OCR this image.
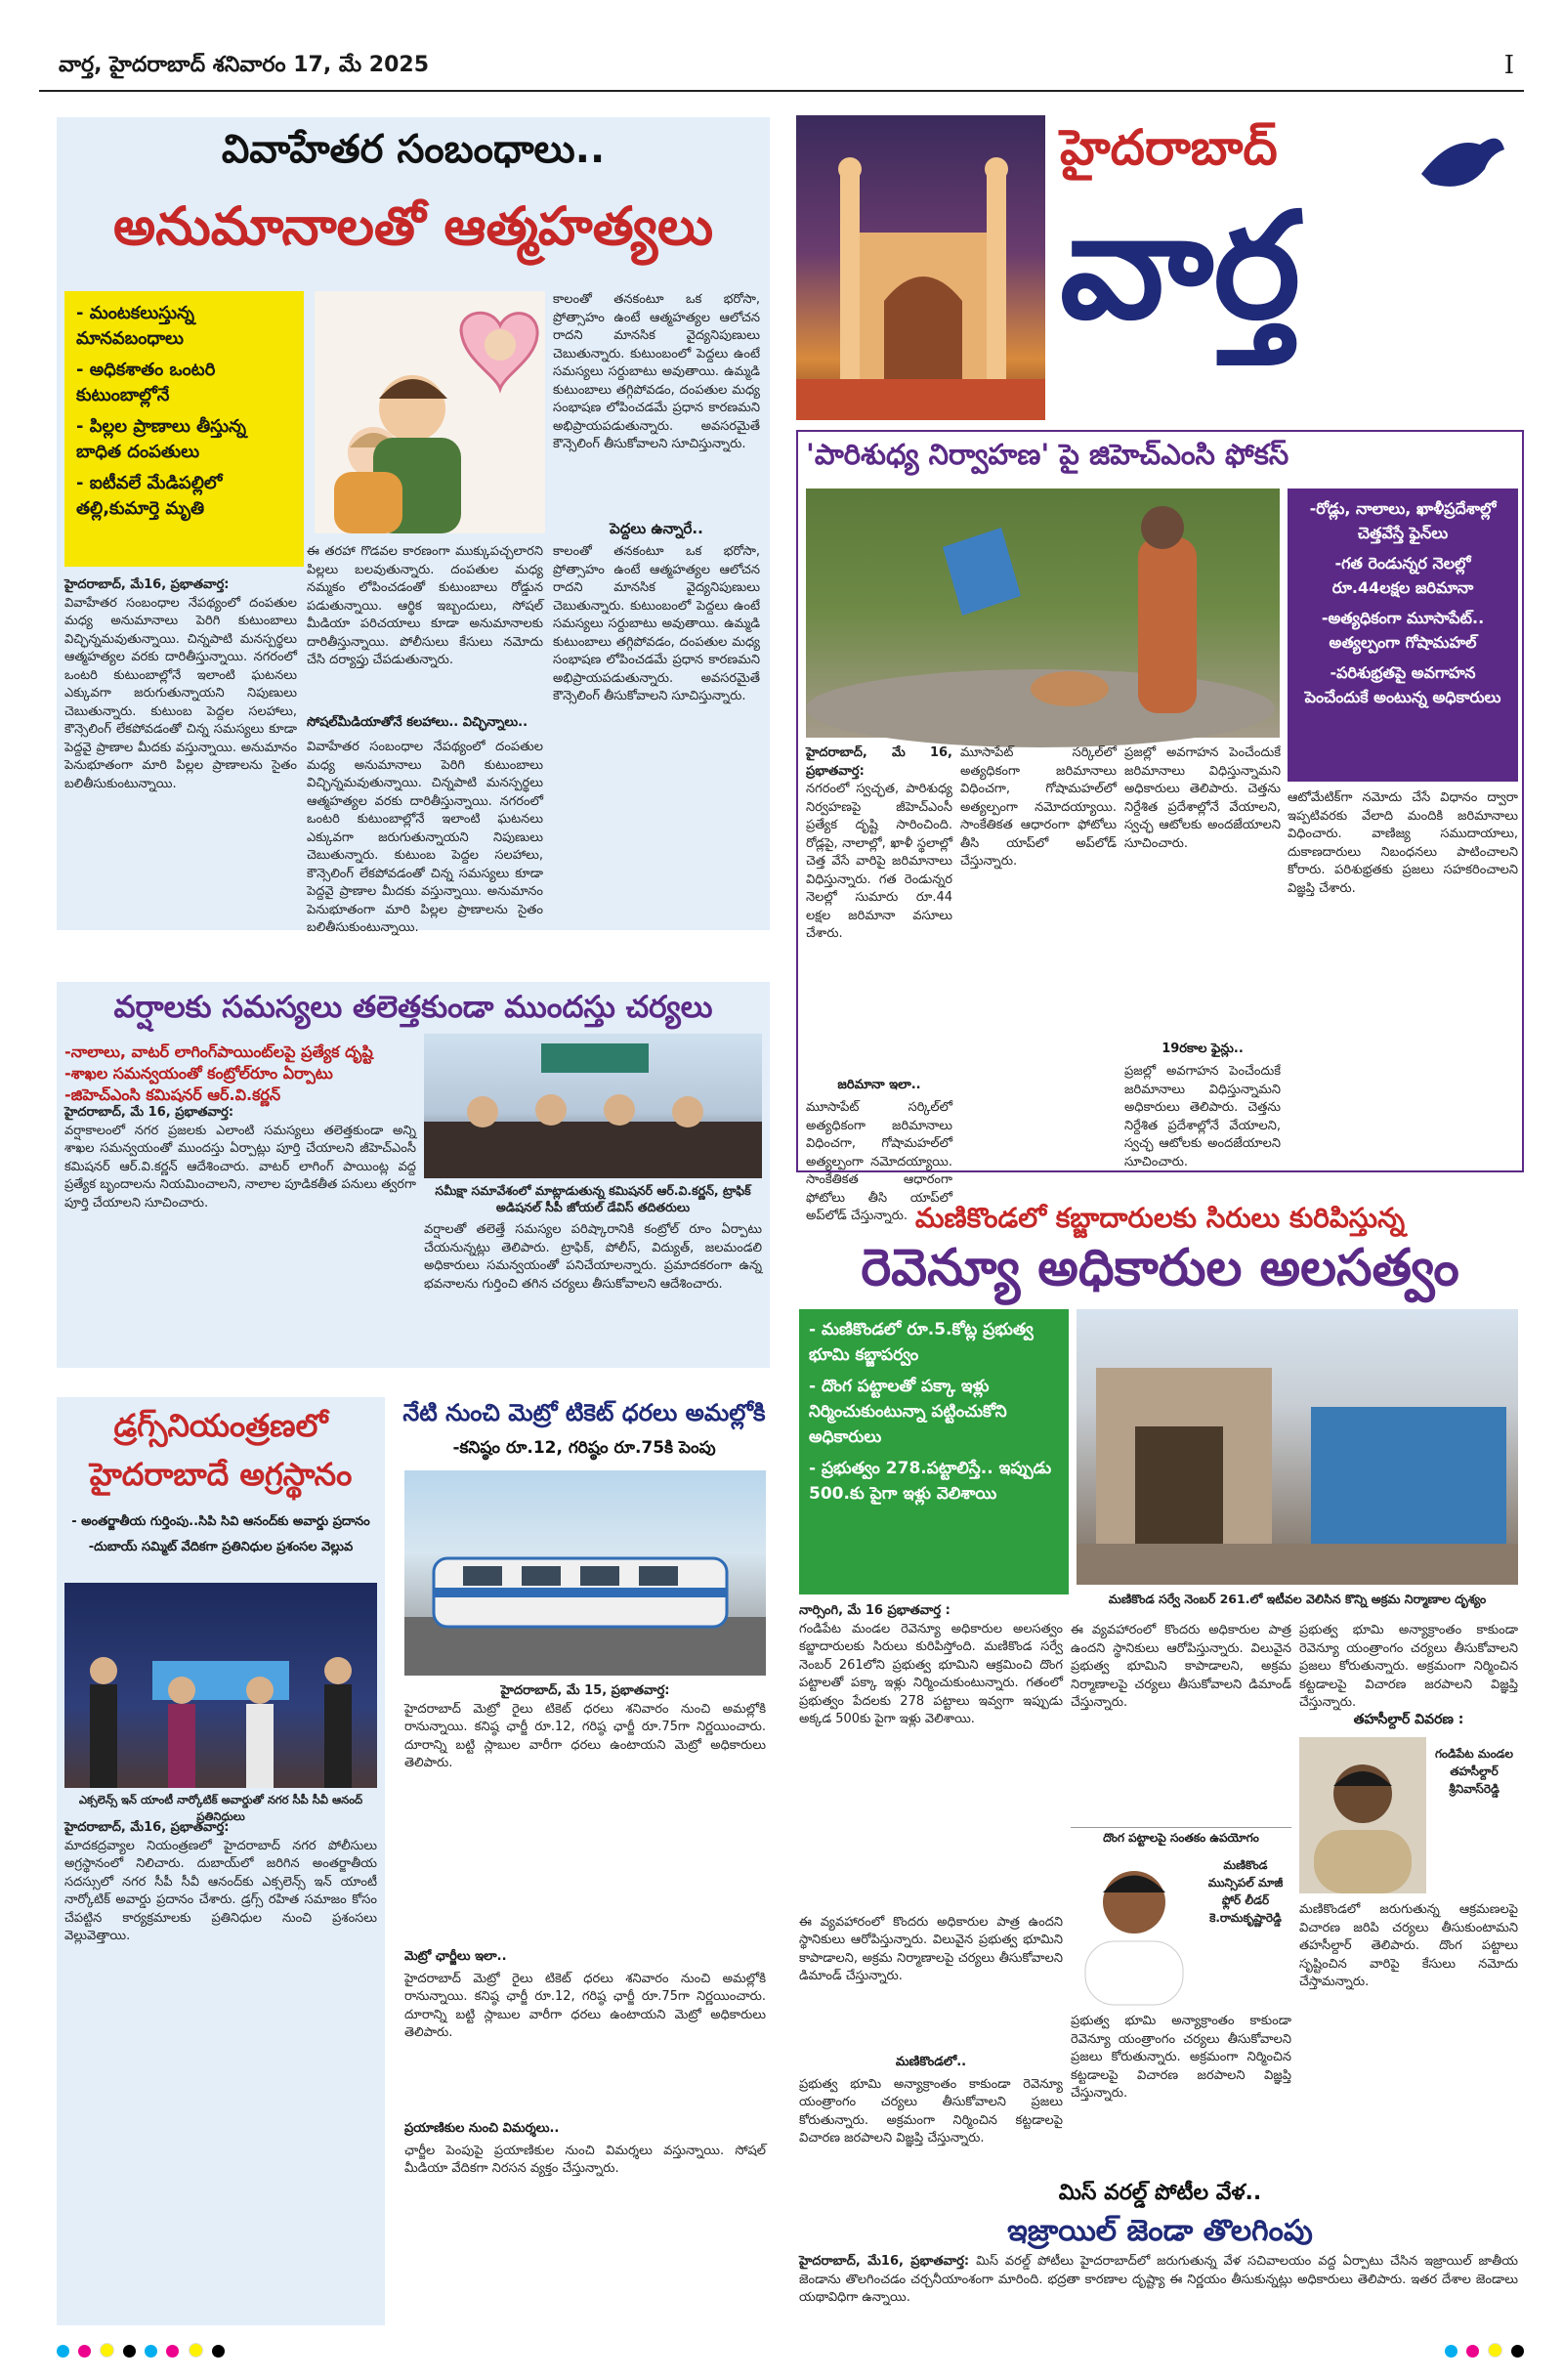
వార్త, హైదరాబాద్ శనివారం 17, మే 2025	I
వివాహేతర సంబంధాలు..
అనుమానాలతో ఆత్మహత్యలు
- మంటకలుస్తున్న మానవబంధాలు
- అధికశాతం ఒంటరి కుటుంబాల్లోనే
- పిల్లల ప్రాణాలు తీస్తున్న బాధిత దంపతులు
- ఐటీవలే మేడిపల్లిలో తల్లి,కుమార్తె మృతి
కాలంతో తనకంటూ ఒక భరోసా, ప్రోత్సాహం ఉంటే ఆత్మహత్యల ఆలోచన రాదని మానసిక వైద్యనిపుణులు చెబుతున్నారు. కుటుంబంలో పెద్దలు ఉంటే సమస్యలు సర్దుబాటు అవుతాయి. ఉమ్మడి కుటుంబాలు తగ్గిపోవడం, దంపతుల మధ్య సంభాషణ లోపించడమే ప్రధాన కారణమని అభిప్రాయపడుతున్నారు. అవసరమైతే కౌన్సెలింగ్ తీసుకోవాలని సూచిస్తున్నారు.
పెద్దలు ఉన్నారే..
హైదరాబాద్, మే16, ప్రభాతవార్త:
వివాహేతర సంబంధాల నేపథ్యంలో దంపతుల మధ్య అనుమానాలు పెరిగి కుటుంబాలు విచ్ఛిన్నమవుతున్నాయి. చిన్నపాటి మనస్పర్థలు ఆత్మహత్యల వరకు దారితీస్తున్నాయి. నగరంలో ఒంటరి కుటుంబాల్లోనే ఇలాంటి ఘటనలు ఎక్కువగా జరుగుతున్నాయని నిపుణులు చెబుతున్నారు. కుటుంబ పెద్దల సలహాలు, కౌన్సెలింగ్ లేకపోవడంతో చిన్న సమస్యలు కూడా పెద్దవై ప్రాణాల మీదకు వస్తున్నాయి. అనుమానం పెనుభూతంగా మారి పిల్లల ప్రాణాలను సైతం బలితీసుకుంటున్నాయి.
ఈ తరహా గొడవల కారణంగా ముక్కుపచ్చలారని పిల్లలు బలవుతున్నారు. దంపతుల మధ్య నమ్మకం లోపించడంతో కుటుంబాలు రోడ్డున పడుతున్నాయి. ఆర్థిక ఇబ్బందులు, సోషల్ మీడియా పరిచయాలు కూడా అనుమానాలకు దారితీస్తున్నాయి. పోలీసులు కేసులు నమోదు చేసి దర్యాప్తు చేపడుతున్నారు.
సోషల్‌మీడియాతోనే కలహాలు.. విచ్ఛిన్నాలు..
వివాహేతర సంబంధాల నేపథ్యంలో దంపతుల మధ్య అనుమానాలు పెరిగి కుటుంబాలు విచ్ఛిన్నమవుతున్నాయి. చిన్నపాటి మనస్పర్థలు ఆత్మహత్యల వరకు దారితీస్తున్నాయి. నగరంలో ఒంటరి కుటుంబాల్లోనే ఇలాంటి ఘటనలు ఎక్కువగా జరుగుతున్నాయని నిపుణులు చెబుతున్నారు. కుటుంబ పెద్దల సలహాలు, కౌన్సెలింగ్ లేకపోవడంతో చిన్న సమస్యలు కూడా పెద్దవై ప్రాణాల మీదకు వస్తున్నాయి. అనుమానం పెనుభూతంగా మారి పిల్లల ప్రాణాలను సైతం బలితీసుకుంటున్నాయి.
కాలంతో తనకంటూ ఒక భరోసా, ప్రోత్సాహం ఉంటే ఆత్మహత్యల ఆలోచన రాదని మానసిక వైద్యనిపుణులు చెబుతున్నారు. కుటుంబంలో పెద్దలు ఉంటే సమస్యలు సర్దుబాటు అవుతాయి. ఉమ్మడి కుటుంబాలు తగ్గిపోవడం, దంపతుల మధ్య సంభాషణ లోపించడమే ప్రధాన కారణమని అభిప్రాయపడుతున్నారు. అవసరమైతే కౌన్సెలింగ్ తీసుకోవాలని సూచిస్తున్నారు.
హైదరాబాద్
వార్త
'పారిశుధ్య నిర్వాహణ' పై జిహెచ్ఎంసి ఫోకస్
-రోడ్లు, నాలాలు, ఖాళీప్రదేశాల్లో చెత్తవేస్తే ఫైన్‌లు
-గత రెండున్నర నెలల్లో రూ.44లక్షల జరిమానా
-అత్యధికంగా మూసాపేట్..
అత్యల్పంగా గోషామహల్
-పరిశుభ్రతపై అవగాహన పెంచేందుకే అంటున్న అధికారులు
హైదరాబాద్, మే 16, ప్రభాతవార్త:
నగరంలో స్వచ్ఛత, పారిశుధ్య నిర్వహణపై జీహెచ్ఎంసీ ప్రత్యేక దృష్టి సారించింది. రోడ్లపై, నాలాల్లో, ఖాళీ స్థలాల్లో చెత్త వేసే వారిపై జరిమానాలు విధిస్తున్నారు. గత రెండున్నర నెలల్లో సుమారు రూ.44 లక్షల జరిమానా వసూలు చేశారు.
జరిమానా ఇలా..
మూసాపేట్ సర్కిల్‌లో అత్యధికంగా జరిమానాలు విధించగా, గోషామహల్‌లో అత్యల్పంగా నమోదయ్యాయి. సాంకేతికత ఆధారంగా ఫోటోలు తీసి యాప్‌లో అప్‌లోడ్ చేస్తున్నారు.
మూసాపేట్ సర్కిల్‌లో అత్యధికంగా జరిమానాలు విధించగా, గోషామహల్‌లో అత్యల్పంగా నమోదయ్యాయి. సాంకేతికత ఆధారంగా ఫోటోలు తీసి యాప్‌లో అప్‌లోడ్ చేస్తున్నారు.
ప్రజల్లో అవగాహన పెంచేందుకే జరిమానాలు విధిస్తున్నామని అధికారులు తెలిపారు. చెత్తను నిర్దేశిత ప్రదేశాల్లోనే వేయాలని, స్వచ్ఛ ఆటోలకు అందజేయాలని సూచించారు.
19రకాల ఫైన్లు..
ప్రజల్లో అవగాహన పెంచేందుకే జరిమానాలు విధిస్తున్నామని అధికారులు తెలిపారు. చెత్తను నిర్దేశిత ప్రదేశాల్లోనే వేయాలని, స్వచ్ఛ ఆటోలకు అందజేయాలని సూచించారు.
ఆటోమేటిక్‌గా నమోదు చేసే విధానం ద్వారా ఇప్పటివరకు వేలాది మందికి జరిమానాలు విధించారు. వాణిజ్య సముదాయాలు, దుకాణదారులు నిబంధనలు పాటించాలని కోరారు. పరిశుభ్రతకు ప్రజలు సహకరించాలని విజ్ఞప్తి చేశారు.
వర్షాలకు సమస్యలు తలెత్తకుండా ముందస్తు చర్యలు
-నాలాలు, వాటర్ లాగింగ్‌పాయింట్‌లపై ప్రత్యేక దృష్టి
-శాఖల సమన్వయంతో కంట్రోల్‌రూం ఏర్పాటు
-జిహెచ్ఎంసి కమిషనర్ ఆర్.వి.కర్ణన్
సమీక్షా సమావేశంలో మాట్లాడుతున్న కమిషనర్ ఆర్.వి.కర్ణన్, ట్రాఫిక్ అడిషనల్ సీపీ జోయల్ డేవిస్ తదితరులు
హైదరాబాద్, మే 16, ప్రభాతవార్త:
వర్షాకాలంలో నగర ప్రజలకు ఎలాంటి సమస్యలు తలెత్తకుండా అన్ని శాఖల సమన్వయంతో ముందస్తు ఏర్పాట్లు పూర్తి చేయాలని జీహెచ్ఎంసీ కమిషనర్ ఆర్.వి.కర్ణన్ ఆదేశించారు. వాటర్ లాగింగ్ పాయింట్ల వద్ద ప్రత్యేక బృందాలను నియమించాలని, నాలాల పూడికతీత పనులు త్వరగా పూర్తి చేయాలని సూచించారు.
వర్షాలతో తలెత్తే సమస్యల పరిష్కారానికి కంట్రోల్ రూం ఏర్పాటు చేయనున్నట్లు తెలిపారు. ట్రాఫిక్, పోలీస్, విద్యుత్, జలమండలి అధికారులు సమన్వయంతో పనిచేయాలన్నారు. ప్రమాదకరంగా ఉన్న భవనాలను గుర్తించి తగిన చర్యలు తీసుకోవాలని ఆదేశించారు.
మణికొండలో కబ్జాదారులకు సిరులు కురిపిస్తున్న
రెవెన్యూ అధికారుల అలసత్వం
- మణికొండలో రూ.5.కోట్ల ప్రభుత్వ భూమి కబ్జాపర్వం
- దొంగ పట్టాలతో పక్కా ఇళ్లు నిర్మించుకుంటున్నా పట్టించుకోని అధికారులు
- ప్రభుత్వం 278.పట్టాలిస్తే.. ఇప్పుడు 500.కు పైగా ఇళ్లు వెలిశాయి
మణికొండ సర్వే నెంబర్ 261.లో ఇటీవల వెలిసిన కొన్ని అక్రమ నిర్మాణాల దృశ్యం
నార్సింగి, మే 16 ప్రభాతవార్త :
గండిపేట మండల రెవెన్యూ అధికారుల అలసత్వం కబ్జాదారులకు సిరులు కురిపిస్తోంది. మణికొండ సర్వే నెంబర్ 261లోని ప్రభుత్వ భూమిని ఆక్రమించి దొంగ పట్టాలతో పక్కా ఇళ్లు నిర్మించుకుంటున్నారు. గతంలో ప్రభుత్వం పేదలకు 278 పట్టాలు ఇవ్వగా ఇప్పుడు అక్కడ 500కు పైగా ఇళ్లు వెలిశాయి.
ఈ వ్యవహారంలో కొందరు అధికారుల పాత్ర ఉందని స్థానికులు ఆరోపిస్తున్నారు. విలువైన ప్రభుత్వ భూమిని కాపాడాలని, అక్రమ నిర్మాణాలపై చర్యలు తీసుకోవాలని డిమాండ్ చేస్తున్నారు.
మణికొండలో..
ప్రభుత్వ భూమి అన్యాక్రాంతం కాకుండా రెవెన్యూ యంత్రాంగం చర్యలు తీసుకోవాలని ప్రజలు కోరుతున్నారు. అక్రమంగా నిర్మించిన కట్టడాలపై విచారణ జరపాలని విజ్ఞప్తి చేస్తున్నారు.
ఈ వ్యవహారంలో కొందరు అధికారుల పాత్ర ఉందని స్థానికులు ఆరోపిస్తున్నారు. విలువైన ప్రభుత్వ భూమిని కాపాడాలని, అక్రమ నిర్మాణాలపై చర్యలు తీసుకోవాలని డిమాండ్ చేస్తున్నారు.
దొంగ పట్టాలపై సంతకం ఉపయోగం
మణికొండ మున్సిపల్ మాజీ ఫ్లోర్ లీడర్ కె.రామకృష్ణారెడ్డి
ప్రభుత్వ భూమి అన్యాక్రాంతం కాకుండా రెవెన్యూ యంత్రాంగం చర్యలు తీసుకోవాలని ప్రజలు కోరుతున్నారు. అక్రమంగా నిర్మించిన కట్టడాలపై విచారణ జరపాలని విజ్ఞప్తి చేస్తున్నారు.
ప్రభుత్వ భూమి అన్యాక్రాంతం కాకుండా రెవెన్యూ యంత్రాంగం చర్యలు తీసుకోవాలని ప్రజలు కోరుతున్నారు. అక్రమంగా నిర్మించిన కట్టడాలపై విచారణ జరపాలని విజ్ఞప్తి చేస్తున్నారు.
తహసీల్దార్ వివరణ :
గండిపేట మండల తహసీల్దార్ శ్రీనివాస్‌రెడ్డి
మణికొండలో జరుగుతున్న ఆక్రమణలపై విచారణ జరిపి చర్యలు తీసుకుంటామని తహసీల్దార్ తెలిపారు. దొంగ పట్టాలు సృష్టించిన వారిపై కేసులు నమోదు చేస్తామన్నారు.
డ్రగ్స్‌నియంత్రణలో
హైదరాబాదే అగ్రస్థానం
- అంతర్జాతీయ గుర్తింపు..సిపి సివి ఆనంద్‌కు అవార్డు ప్రదానం
-దుబాయ్ సమ్మిట్ వేదికగా ప్రతినిధుల ప్రశంసల వెల్లువ
ఎక్సలెన్స్ ఇన్ యాంటీ నార్కోటిక్ అవార్డుతో నగర సీపీ సీవీ ఆనంద్ ప్రతినిధులు
హైదరాబాద్, మే16, ప్రభాతవార్త:
మాదకద్రవ్యాల నియంత్రణలో హైదరాబాద్ నగర పోలీసులు అగ్రస్థానంలో నిలిచారు. దుబాయ్‌లో జరిగిన అంతర్జాతీయ సదస్సులో నగర సీపీ సీవీ ఆనంద్‌కు ఎక్సలెన్స్ ఇన్ యాంటీ నార్కోటిక్ అవార్డు ప్రదానం చేశారు. డ్రగ్స్ రహిత సమాజం కోసం చేపట్టిన కార్యక్రమాలకు ప్రతినిధుల నుంచి ప్రశంసలు వెల్లువెత్తాయి.
నేటి నుంచి మెట్రో టికెట్ ధరలు అమల్లోకి
-కనిష్ఠం రూ.12, గరిష్ఠం రూ.75కి పెంపు
హైదరాబాద్, మే 15, ప్రభాతవార్త:
హైదరాబాద్ మెట్రో రైలు టికెట్ ధరలు శనివారం నుంచి అమల్లోకి రానున్నాయి. కనిష్ఠ ఛార్జీ రూ.12, గరిష్ఠ ఛార్జీ రూ.75గా నిర్ణయించారు. దూరాన్ని బట్టి స్లాబుల వారీగా ధరలు ఉంటాయని మెట్రో అధికారులు తెలిపారు.
మెట్రో ఛార్జీలు ఇలా..
హైదరాబాద్ మెట్రో రైలు టికెట్ ధరలు శనివారం నుంచి అమల్లోకి రానున్నాయి. కనిష్ఠ ఛార్జీ రూ.12, గరిష్ఠ ఛార్జీ రూ.75గా నిర్ణయించారు. దూరాన్ని బట్టి స్లాబుల వారీగా ధరలు ఉంటాయని మెట్రో అధికారులు తెలిపారు.
ప్రయాణికుల నుంచి విమర్శలు..
ఛార్జీల పెంపుపై ప్రయాణికుల నుంచి విమర్శలు వస్తున్నాయి. సోషల్ మీడియా వేదికగా నిరసన వ్యక్తం చేస్తున్నారు.
మిస్ వరల్డ్ పోటీల వేళ..
ఇజ్రాయిల్ జెండా తొలగింపు
హైదరాబాద్, మే16, ప్రభాతవార్త: మిస్ వరల్డ్ పోటీలు హైదరాబాద్‌లో జరుగుతున్న వేళ సచివాలయం వద్ద ఏర్పాటు చేసిన ఇజ్రాయిల్ జాతీయ జెండాను తొలగించడం చర్చనీయాంశంగా మారింది. భద్రతా కారణాల దృష్ట్యా ఈ నిర్ణయం తీసుకున్నట్లు అధికారులు తెలిపారు. ఇతర దేశాల జెండాలు యథావిధిగా ఉన్నాయి.
